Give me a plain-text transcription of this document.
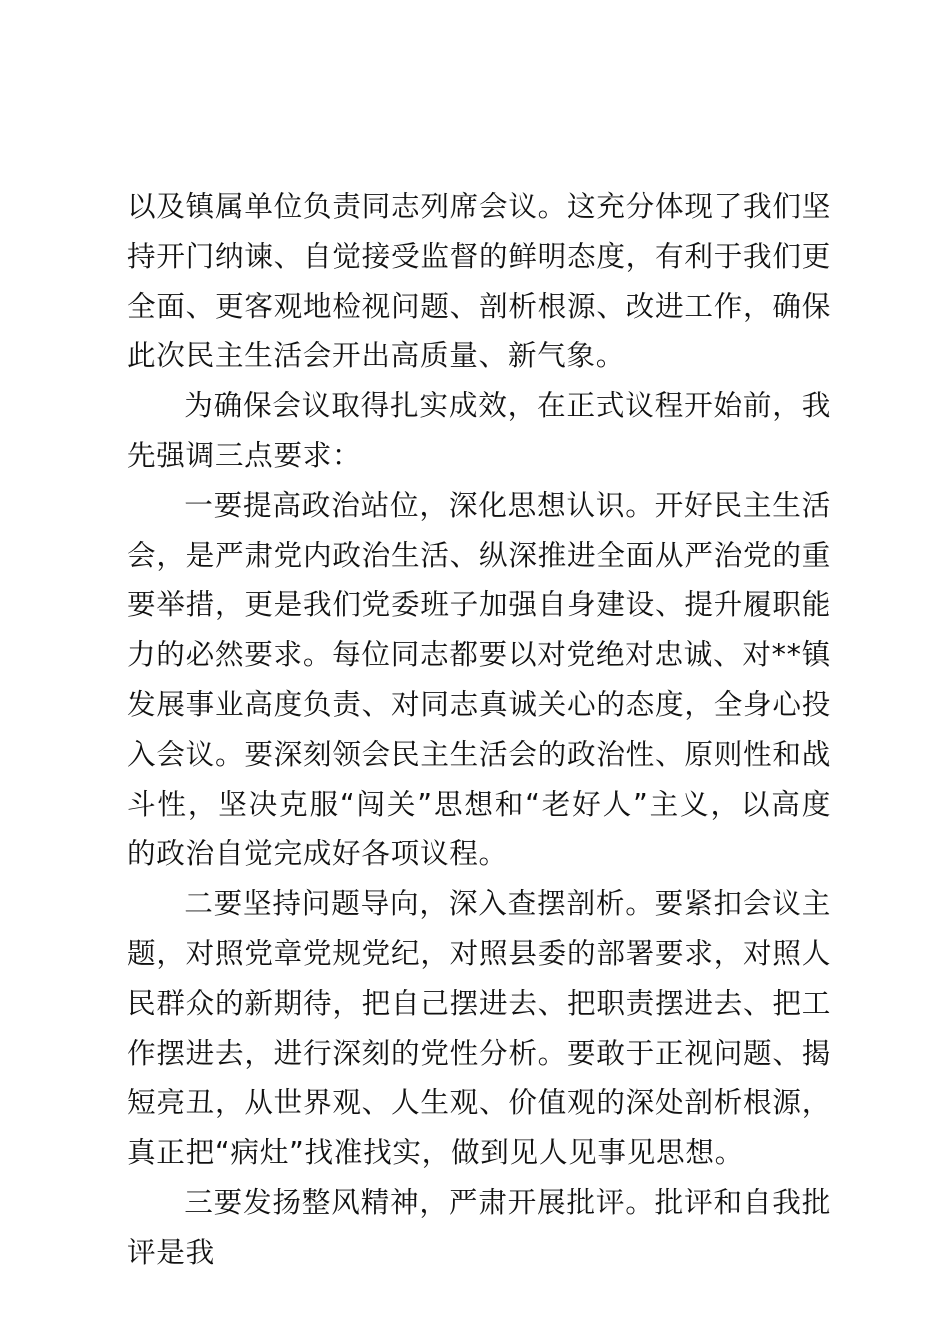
以及镇属单位负责同志列席会议。这充分体现了我们坚持开门纳谏、自觉接受监督的鲜明态度，有利于我们更全面、更客观地检视问题、剖析根源、改进工作，确保此次民主生活会开出高质量、新气象。

为确保会议取得扎实成效，在正式议程开始前，我先强调三点要求：

一要提高政治站位，深化思想认识。开好民主生活会，是严肃党内政治生活、纵深推进全面从严治党的重要举措，更是我们党委班子加强自身建设、提升履职能力的必然要求。每位同志都要以对党绝对忠诚、对**镇发展事业高度负责、对同志真诚关心的态度，全身心投入会议。要深刻领会民主生活会的政治性、原则性和战斗性，坚决克服“闯关”思想和“老好人”主义，以高度的政治自觉完成好各项议程。

二要坚持问题导向，深入查摆剖析。要紧扣会议主题，对照党章党规党纪，对照县委的部署要求，对照人民群众的新期待，把自己摆进去、把职责摆进去、把工作摆进去，进行深刻的党性分析。要敢于正视问题、揭短亮丑，从世界观、人生观、价值观的深处剖析根源，真正把“病灶”找准找实，做到见人见事见思想。

三要发扬整风精神，严肃开展批评。批评和自我批评是我
